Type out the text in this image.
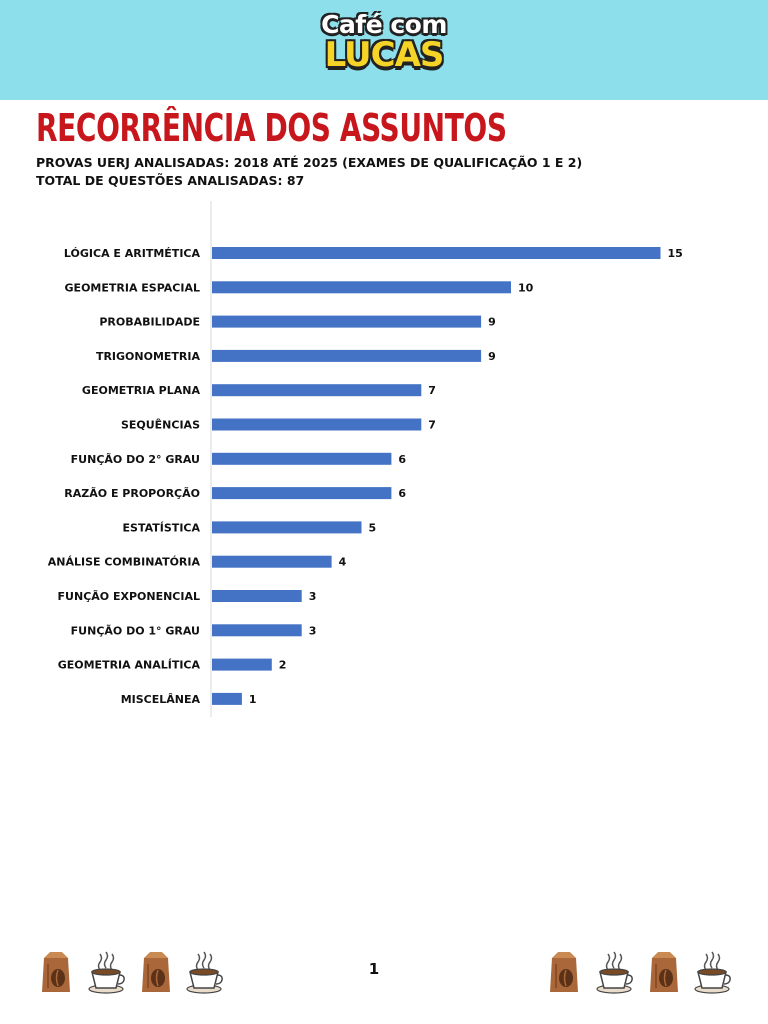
Café com
LUCAS
RECORRÊNCIA DOS ASSUNTOS
PROVAS UERJ ANALISADAS: 2018 ATÉ 2025 (EXAMES DE QUALIFICAÇÃO 1 E 2)
TOTAL DE QUESTÕES ANALISADAS: 87
LÓGICA E ARITMÉTICA	15
GEOMETRIA ESPACIAL	10
PROBABILIDADE	9
TRIGONOMETRIA	9
GEOMETRIA PLANA	7
SEQUÊNCIAS	7
FUNÇÃO DO 2° GRAU	6
RAZÃO E PROPORÇÃO	6
ESTATÍSTICA	5
ANÁLISE COMBINATÓRIA	4
FUNÇÃO EXPONENCIAL	3
FUNÇÃO DO 1° GRAU	3
GEOMETRIA ANALÍTICA	2
MISCELÂNEA	1
1
